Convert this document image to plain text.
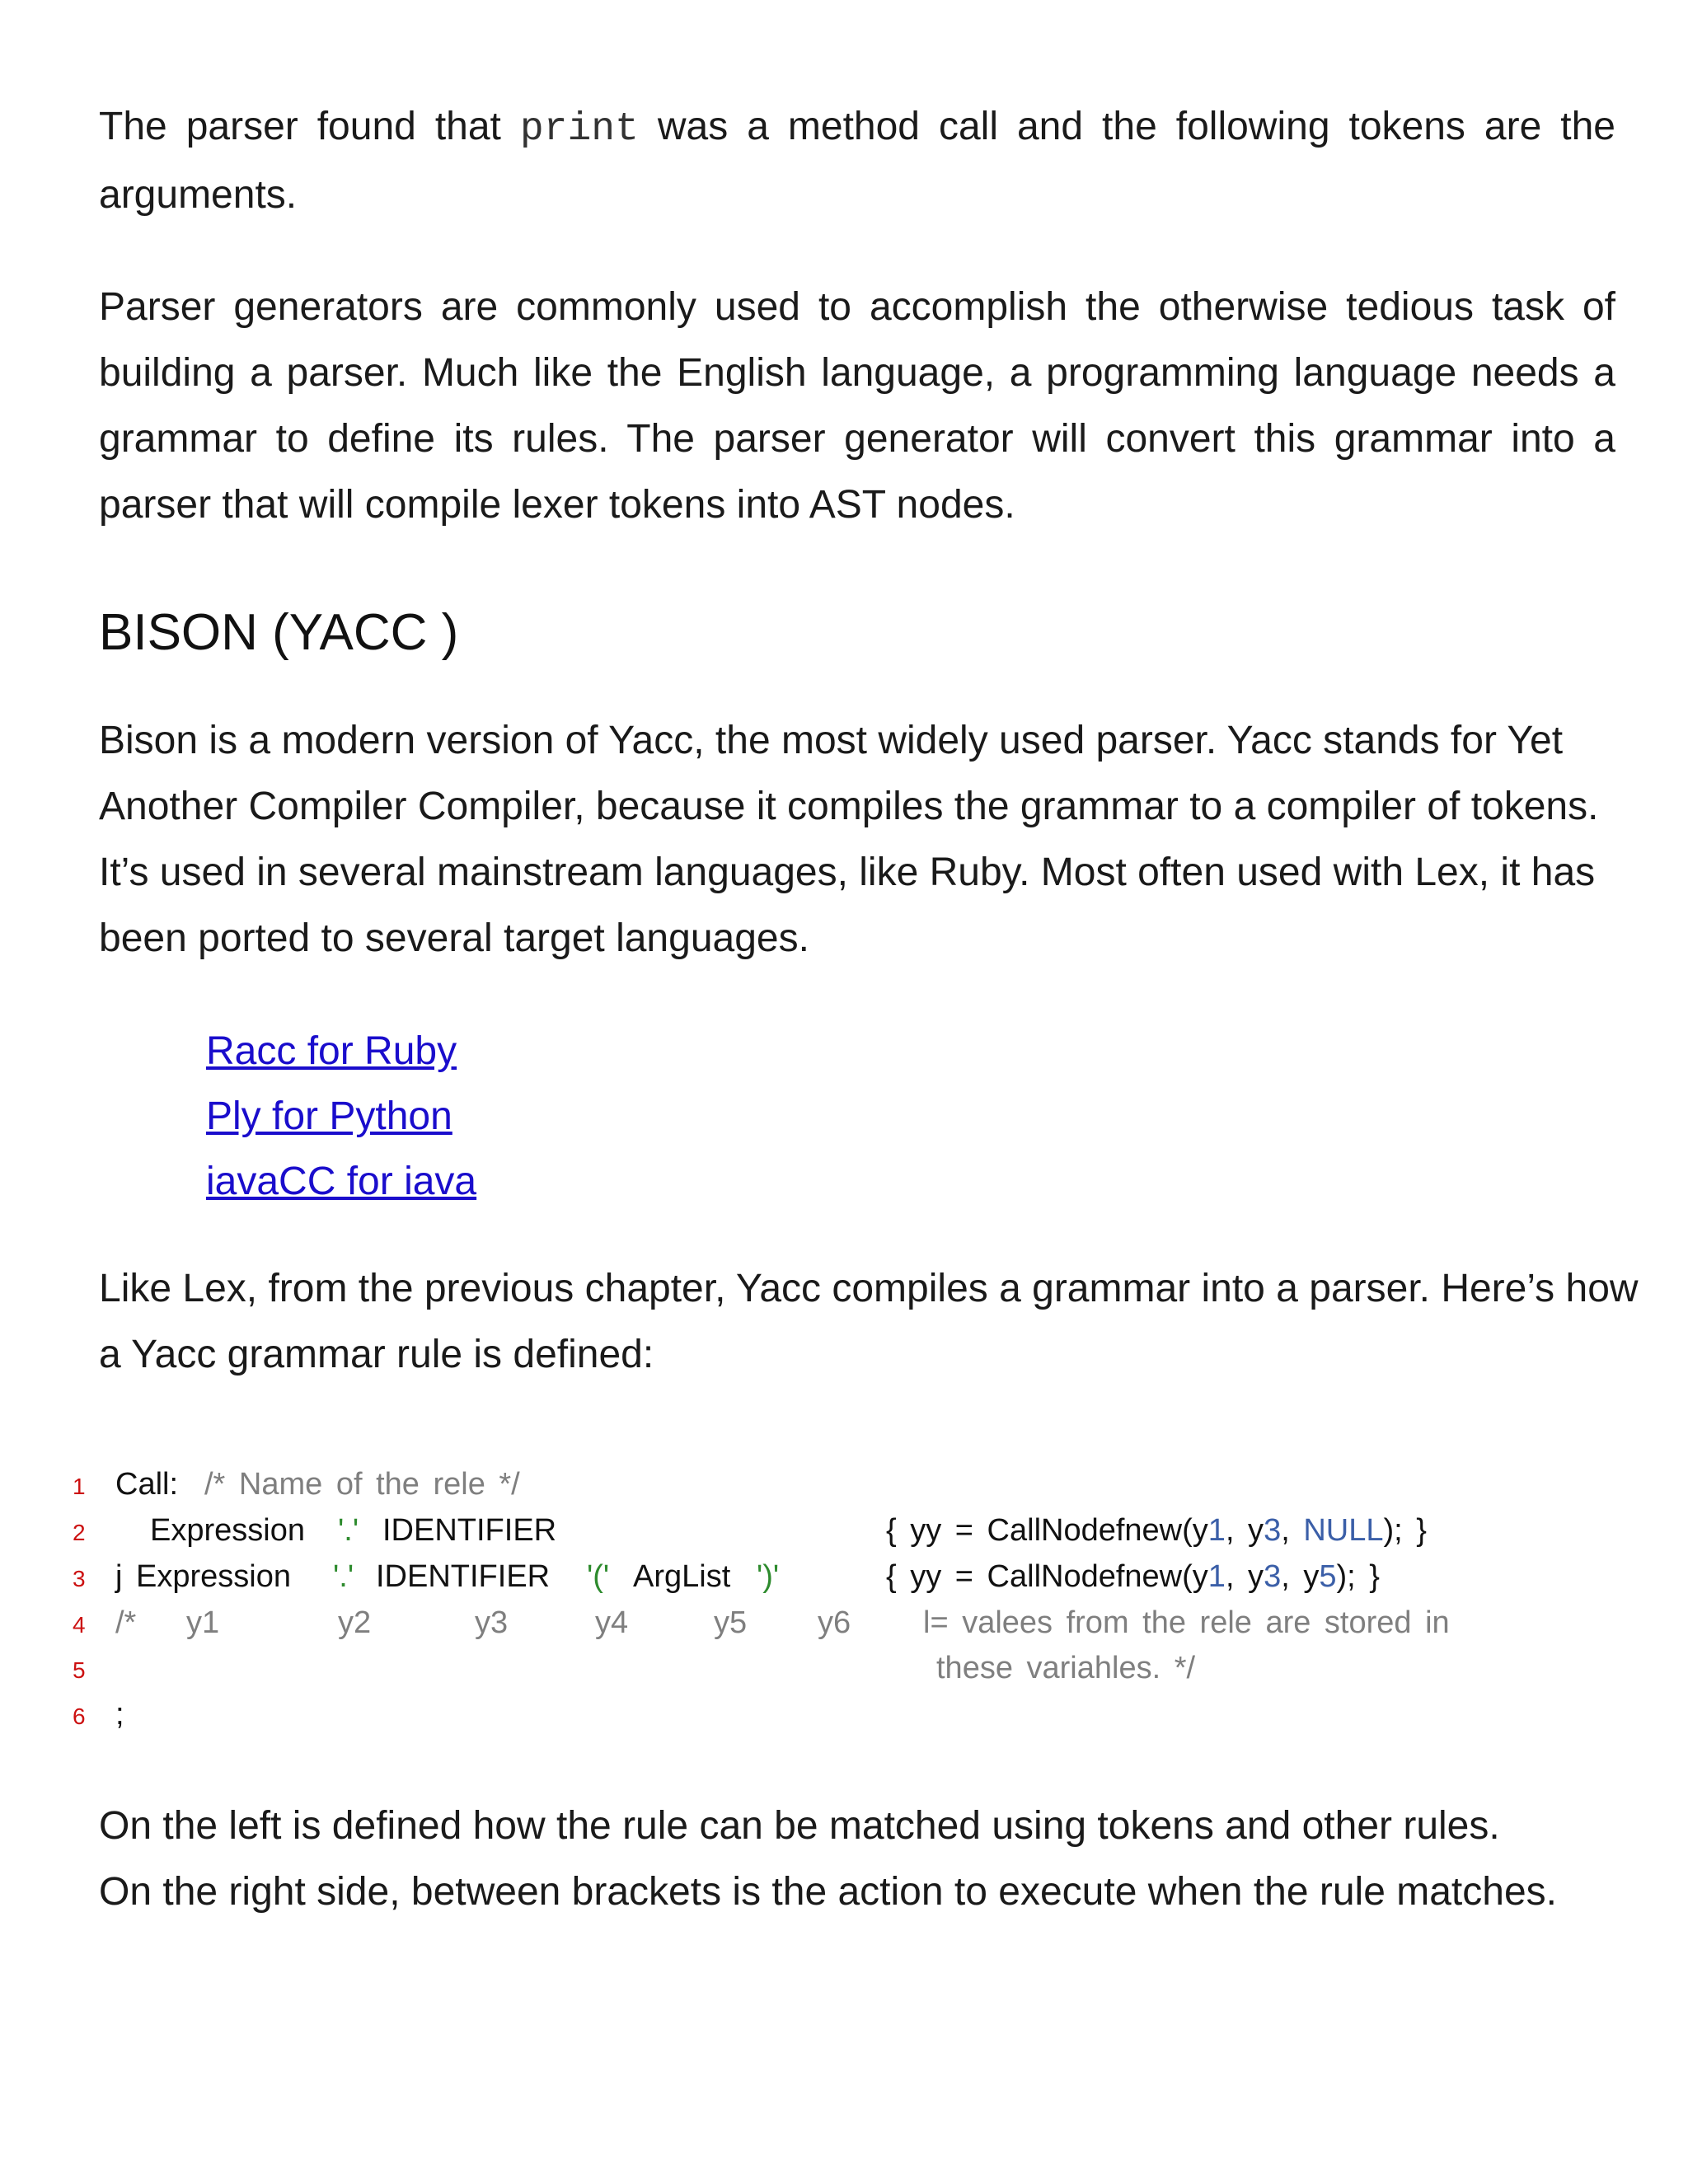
The parser found that print was a method call and the following tokens are the arguments.

Parser generators are commonly used to accomplish the otherwise tedious task of building a parser. Much like the English language, a programming language needs a grammar to define its rules. The parser generator will convert this grammar into a parser that will compile lexer tokens into AST nodes.

BISON (YACC )

Bison is a modern version of Yacc, the most widely used parser. Yacc stands for Yet Another Compiler Compiler, because it compiles the grammar to a compiler of tokens. It’s used in several mainstream languages, like Ruby. Most often used with Lex, it has been ported to several target languages.

Racc for Ruby
Ply for Python
iavaCC for iava

Like Lex, from the previous chapter, Yacc compiles a grammar into a parser. Here’s how a Yacc grammar rule is defined:

1
2
3
4
5
6
Call: /* Name of the rele */
Expression '.' IDENTIFIER	{ yy = CallNodefnew(y1, y3, NULL); }
j Expression '.' IDENTIFIER '(' ArgList ')'	{ yy = CallNodefnew(y1, y3, y5); }
/* y1	y2	y3	y4	y5 y6 l= valees from the rele are stored in
these variahles. */
;

On the left is defined how the rule can be matched using tokens and other rules.

On the right side, between brackets is the action to execute when the rule matches.
